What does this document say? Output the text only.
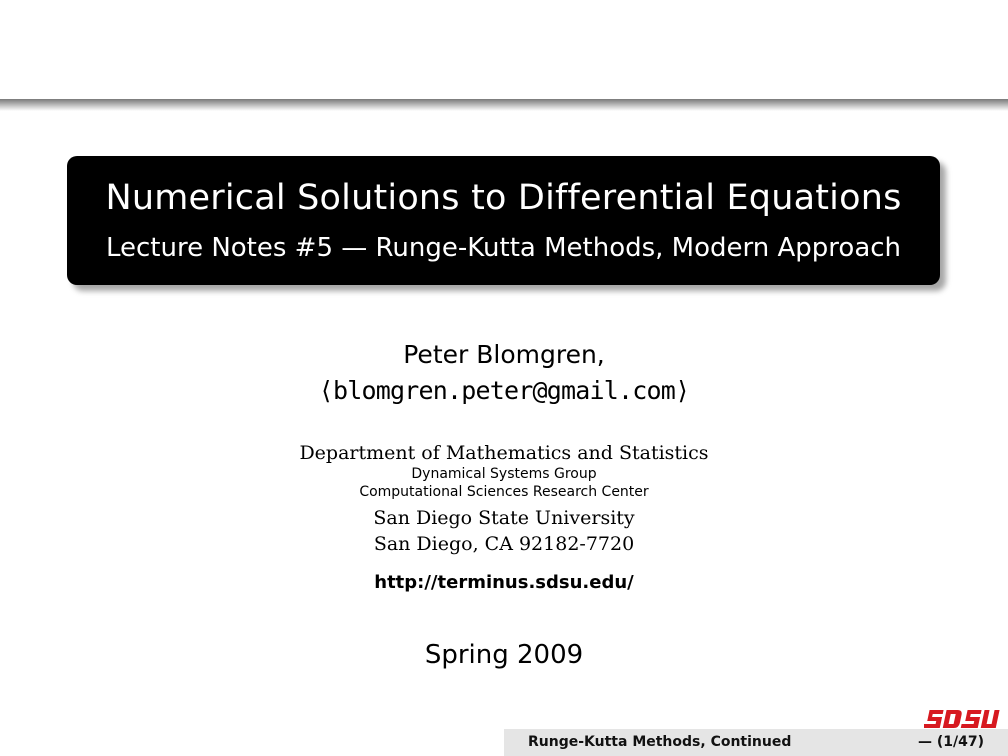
Numerical Solutions to Differential Equations
Lecture Notes #5 — Runge-Kutta Methods, Modern Approach
Peter Blomgren,
⟨blomgren.peter@gmail.com⟩
Department of Mathematics and Statistics
Dynamical Systems Group
Computational Sciences Research Center
San Diego State University
San Diego, CA 92182-7720
http://terminus.sdsu.edu/
Spring 2009
Runge-Kutta Methods, Continued	— (1/47)
